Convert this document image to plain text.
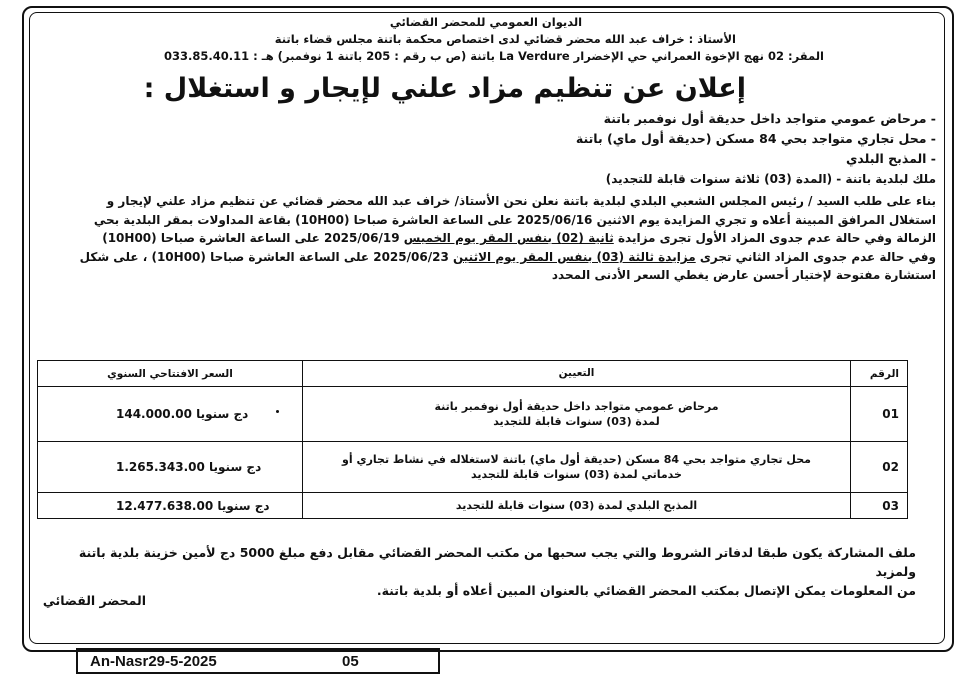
الديوان العمومي للمحضر القضائي

الأستاذ : خراف عبد الله محضر قضائي لدى اختصاص محكمة باتنة مجلس قضاء باتنة

المقر: 02 نهج الإخوة العمراني حي الإخضرار La Verdure باتنة (ص ب رقم : 205 باتنة 1 نوفمبر) هـ : 033.85.40.11

إعلان عن تنظيم مزاد علني لإيجار و استغلال :
- مرحاض عمومي متواجد داخل حديقة أول نوفمبر باتنة
- محل تجاري متواجد بحي 84 مسكن (حديقة أول ماي) باتنة
- المذبح البلدي
ملك لبلدية باتنة - (المدة (03) ثلاثة سنوات قابلة للتجديد)
بناء على طلب السيد / رئيس المجلس الشعبي البلدي لبلدية باتنة نعلن نحن الأستاذ/ خراف عبد الله محضر قضائي عن تنظيم مزاد علني لإيجار و
استغلال المرافق المبينة أعلاه و تجري المزايدة يوم الاثنين 2025/06/16 على الساعة العاشرة صباحا (10H00) بقاعة المداولات بمقر البلدية بحي
الزمالة وفي حالة عدم جدوى المزاد الأول تجرى مزايدة ثانية (02) بنفس المقر يوم الخميس 2025/06/19 على الساعة العاشرة صباحا (10H00)
وفي حالة عدم جدوى المزاد الثاني تجرى مزايدة ثالثة (03) بنفس المقر يوم الاثنين 2025/06/23 على الساعة العاشرة صباحا (10H00) ، على شكل
استشارة مفتوحة لإختيار أحسن عارض يغطي السعر الأدنى المحدد
الرقم	التعيين	السعر الافتتاحي السنوي
01	مرحاض عمومي متواجد داخل حديقة أول نوفمبر باتنة
لمدة (03) سنوات قابلة للتجديد	دج سنويا 144.000.00
02	محل تجاري متواجد بحي 84 مسكن (حديقة أول ماي) باتنة لاستغلاله في نشاط تجاري أو
خدماتي لمدة (03) سنوات قابلة للتجديد	دج سنويا 1.265.343.00
03	المذبح البلدي لمدة (03) سنوات قابلة للتجديد	دج سنويا 12.477.638.00
ملف المشاركة يكون طبقا لدفاتر الشروط والتي يجب سحبها من مكتب المحضر القضائي مقابل دفع مبلغ 5000 دج لأمين خزينة بلدية باتنة ولمزيد
من المعلومات يمكن الإتصال بمكتب المحضر القضائي بالعنوان المبين أعلاه أو بلدية باتنة.
المحضر القضائي
An-Nasr29-5-2025	05
